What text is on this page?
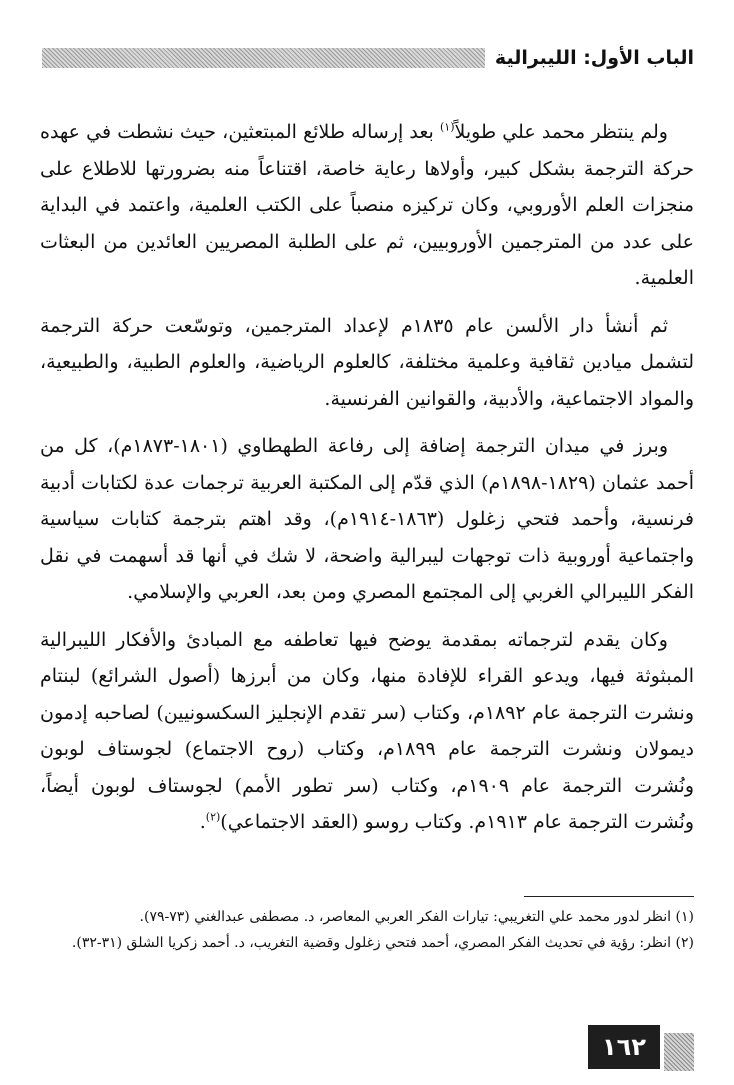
الباب الأول: الليبرالية

ولم ينتظر محمد علي طويلاً$^{(١)}$ بعد إرساله طلائع المبتعثين، حيث نشطت في عهده حركة الترجمة بشكل كبير، وأولاها رعاية خاصة، اقتناعاً منه بضرورتها للاطلاع على منجزات العلم الأوروبي، وكان تركيزه منصباً على الكتب العلمية، واعتمد في البداية على عدد من المترجمين الأوروبيين، ثم على الطلبة المصريين العائدين من البعثات العلمية.

ثم أنشأ دار الألسن عام ١٨٣٥م لإعداد المترجمين، وتوسّعت حركة الترجمة لتشمل ميادين ثقافية وعلمية مختلفة، كالعلوم الرياضية، والعلوم الطبية، والطبيعية، والمواد الاجتماعية، والأدبية، والقوانين الفرنسية.

وبرز في ميدان الترجمة إضافة إلى رفاعة الطهطاوي (١٨٠١-١٨٧٣م)، كل من أحمد عثمان (١٨٢٩-١٨٩٨م) الذي قدّم إلى المكتبة العربية ترجمات عدة لكتابات أدبية فرنسية، وأحمد فتحي زغلول (١٨٦٣-١٩١٤م)، وقد اهتم بترجمة كتابات سياسية واجتماعية أوروبية ذات توجهات ليبرالية واضحة، لا شك في أنها قد أسهمت في نقل الفكر الليبرالي الغربي إلى المجتمع المصري ومن بعد، العربي والإسلامي.

وكان يقدم لترجماته بمقدمة يوضح فيها تعاطفه مع المبادئ والأفكار الليبرالية المبثوثة فيها، ويدعو القراء للإفادة منها، وكان من أبرزها (أصول الشرائع) لبنتام ونشرت الترجمة عام ١٨٩٢م، وكتاب (سر تقدم الإنجليز السكسونيين) لصاحبه إدمون ديمولان ونشرت الترجمة عام ١٨٩٩م، وكتاب (روح الاجتماع) لجوستاف لوبون ونُشرت الترجمة عام ١٩٠٩م، وكتاب (سر تطور الأمم) لجوستاف لوبون أيضاً، ونُشرت الترجمة عام ١٩١٣م. وكتاب روسو (العقد الاجتماعي)$^{(٢)}$.

(١) انظر لدور محمد علي التغريبي: تيارات الفكر العربي المعاصر، د. مصطفى عبدالغني (٧٣-٧٩).

(٢) انظر: رؤية في تحديث الفكر المصري، أحمد فتحي زغلول وقضية التغريب، د. أحمد زكريا الشلق (٣١-٣٢).

١٦٢
